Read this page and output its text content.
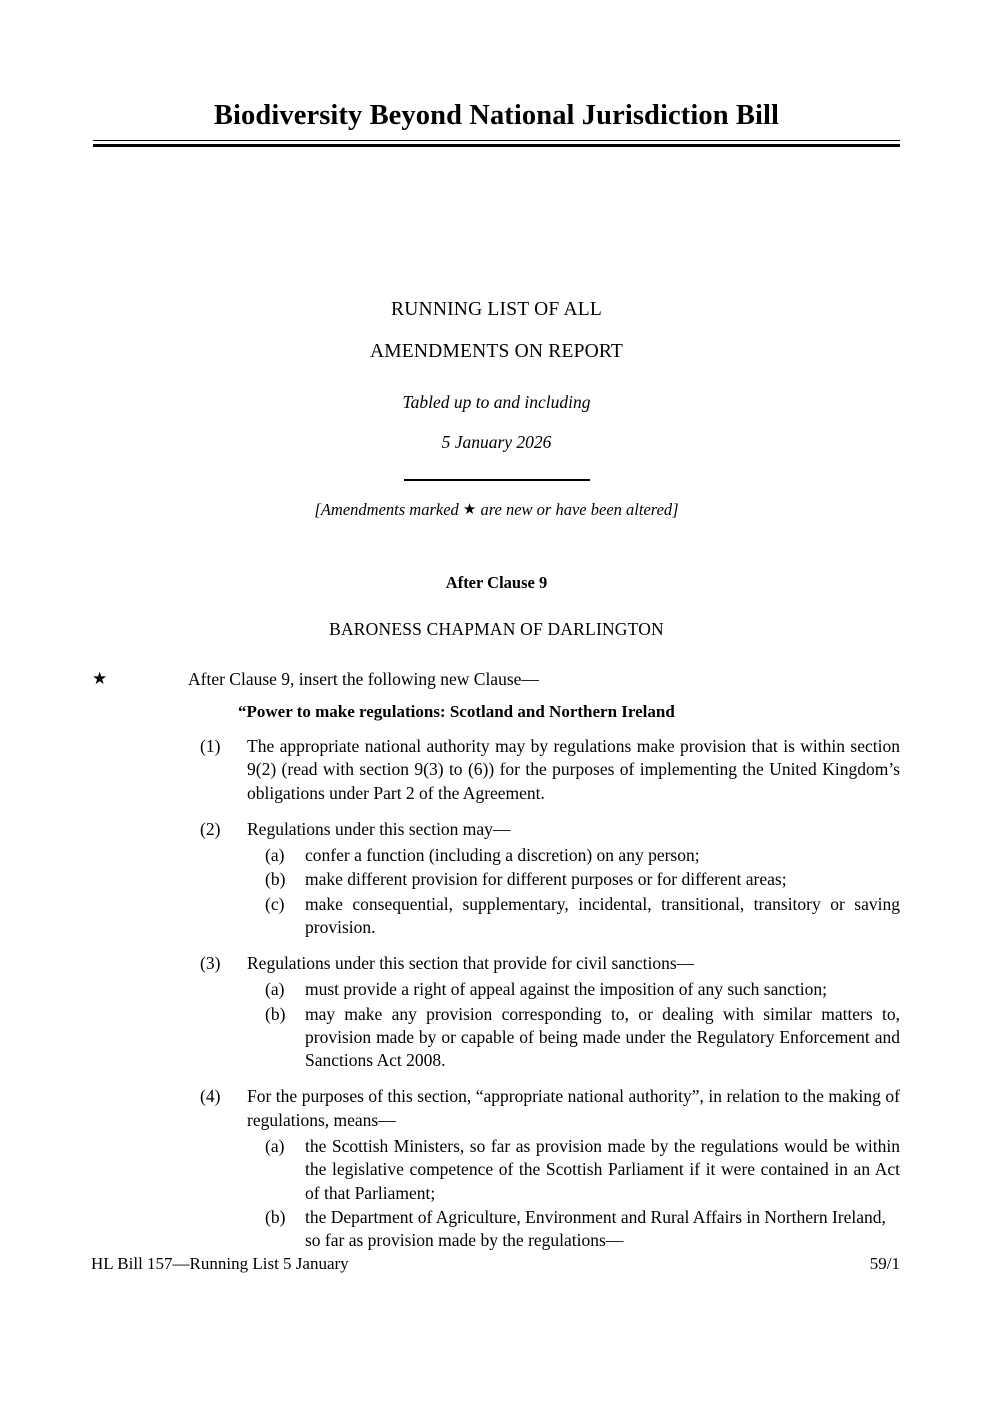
Biodiversity Beyond National Jurisdiction Bill
RUNNING LIST OF ALL
AMENDMENTS ON REPORT
Tabled up to and including
5 January 2026
[Amendments marked ★ are new or have been altered]
After Clause 9
BARONESS CHAPMAN OF DARLINGTON
★	After Clause 9, insert the following new Clause—
“Power to make regulations: Scotland and Northern Ireland
(1)	The appropriate national authority may by regulations make provision that is within section 9(2) (read with section 9(3) to (6)) for the purposes of implementing the United Kingdom’s obligations under Part 2 of the Agreement.
(2)	Regulations under this section may—
(a)	confer a function (including a discretion) on any person;
(b)	make different provision for different purposes or for different areas;
(c)	make consequential, supplementary, incidental, transitional, transitory or saving provision.
(3)	Regulations under this section that provide for civil sanctions—
(a)	must provide a right of appeal against the imposition of any such sanction;
(b)	may make any provision corresponding to, or dealing with similar matters to, provision made by or capable of being made under the Regulatory Enforcement and Sanctions Act 2008.
(4)	For the purposes of this section, “appropriate national authority”, in relation to the making of regulations, means—
(a)	the Scottish Ministers, so far as provision made by the regulations would be within the legislative competence of the Scottish Parliament if it were contained in an Act of that Parliament;
(b)	the Department of Agriculture, Environment and Rural Affairs in Northern Ireland, so far as provision made by the regulations—
HL Bill 157—Running List 5 January	59/1
